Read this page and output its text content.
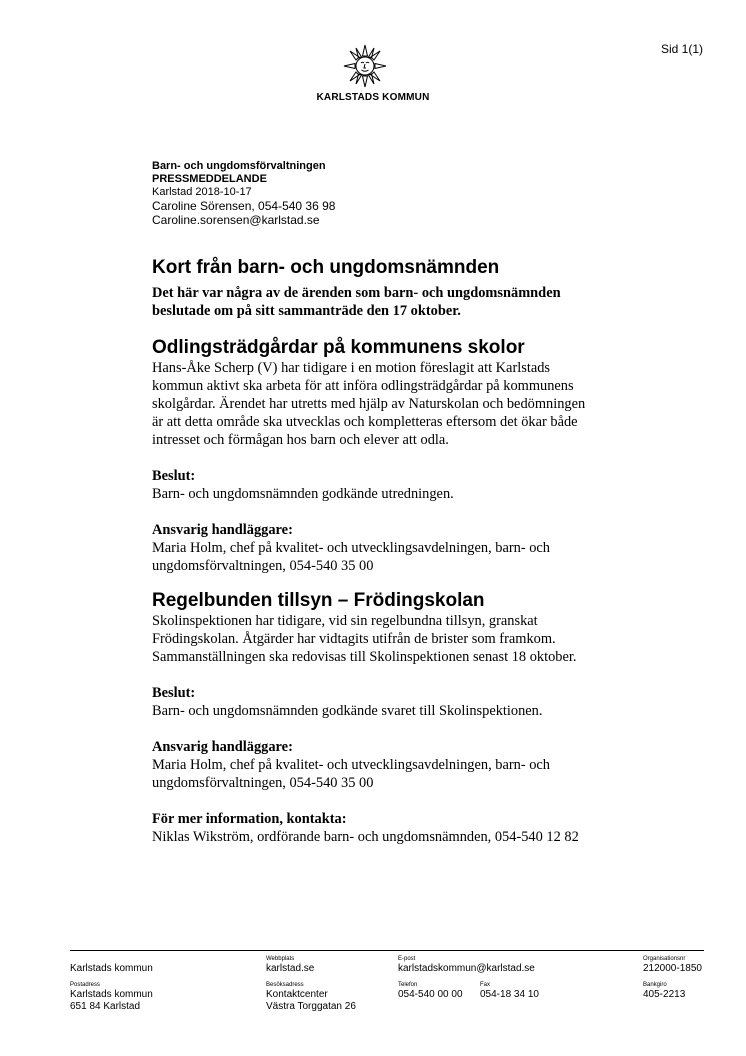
Sid 1(1)
KARLSTADS KOMMUN
Barn- och ungdomsförvaltningen
PRESSMEDDELANDE
Karlstad 2018-10-17
Caroline Sörensen, 054-540 36 98
Caroline.sorensen@karlstad.se
Kort från barn- och ungdomsnämnden

Det här var några av de ärenden som barn- och ungdomsnämnden

beslutade om på sitt sammanträde den 17 oktober.

Odlingsträdgårdar på kommunens skolor

Hans-Åke Scherp (V) har tidigare i en motion föreslagit att Karlstads

kommun aktivt ska arbeta för att införa odlingsträdgårdar på kommunens

skolgårdar. Ärendet har utretts med hjälp av Naturskolan och bedömningen

är att detta område ska utvecklas och kompletteras eftersom det ökar både

intresset och förmågan hos barn och elever att odla.

Beslut:

Barn- och ungdomsnämnden godkände utredningen.

Ansvarig handläggare:

Maria Holm, chef på kvalitet- och utvecklingsavdelningen, barn- och

ungdomsförvaltningen, 054-540 35 00

Regelbunden tillsyn – Frödingskolan

Skolinspektionen har tidigare, vid sin regelbundna tillsyn, granskat

Frödingskolan. Åtgärder har vidtagits utifrån de brister som framkom.

Sammanställningen ska redovisas till Skolinspektionen senast 18 oktober.

Beslut:

Barn- och ungdomsnämnden godkände svaret till Skolinspektionen.

Ansvarig handläggare:

Maria Holm, chef på kvalitet- och utvecklingsavdelningen, barn- och

ungdomsförvaltningen, 054-540 35 00

För mer information, kontakta:

Niklas Wikström, ordförande barn- och ungdomsnämnden, 054-540 12 82

Karlstads kommun
Webbplats
karlstad.se
E-post
karlstadskommun@karlstad.se
Organisationsnr
212000-1850
Postadress
Karlstads kommun
651 84 Karlstad
Besöksadress
Kontaktcenter
Västra Torggatan 26
Telefon
054-540 00 00
Fax
054-18 34 10
Bankgiro
405-2213
